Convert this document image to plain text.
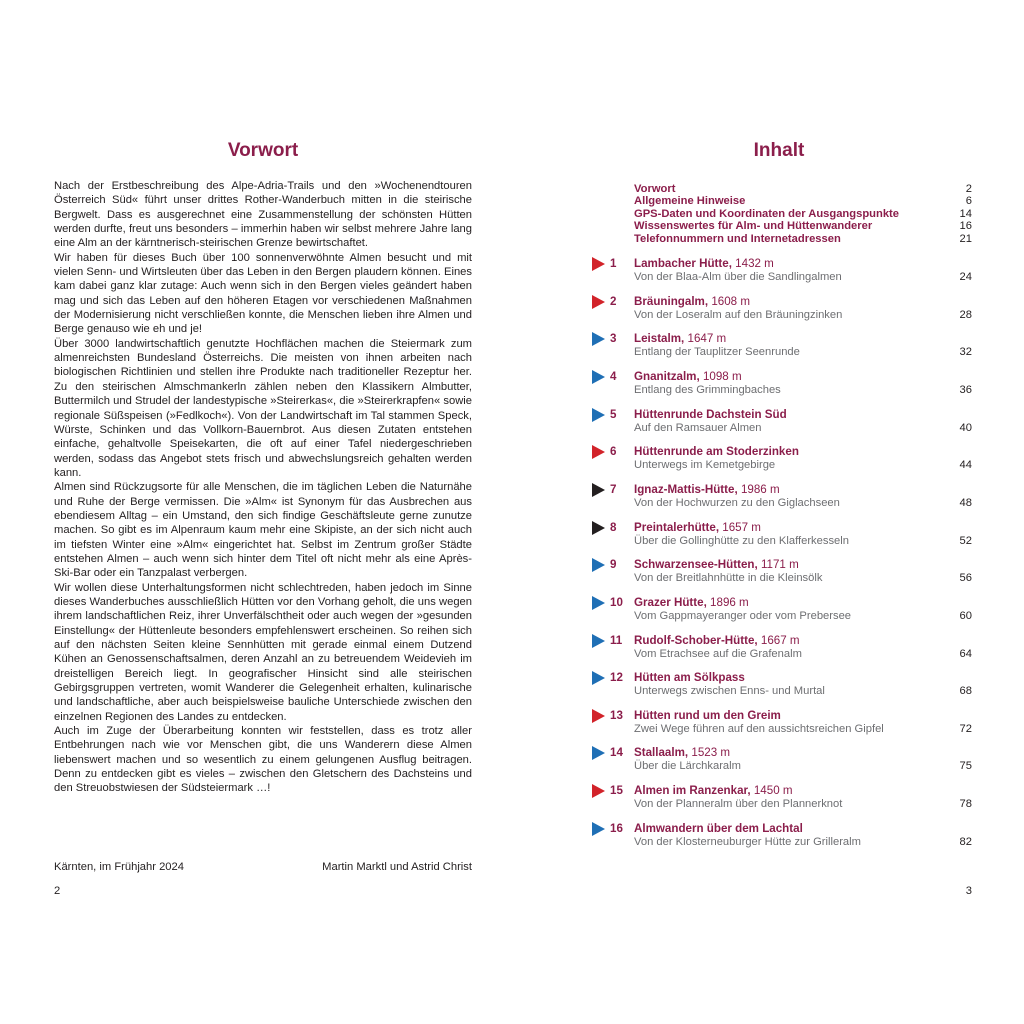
Vorwort

Nach der Erstbeschreibung des Alpe-Adria-Trails und den »Wochenendtouren Österreich Süd« führt unser drittes Rother-Wanderbuch mitten in die steirische Bergwelt. Dass es ausgerechnet eine Zusammenstellung der schönsten Hütten werden durfte, freut uns besonders – immerhin haben wir selbst mehrere Jahre lang eine Alm an der kärntnerisch-steirischen Grenze bewirtschaftet.

Wir haben für dieses Buch über 100 sonnenverwöhnte Almen besucht und mit vielen Senn- und Wirtsleuten über das Leben in den Bergen plaudern können. Eines kam dabei ganz klar zutage: Auch wenn sich in den Bergen vieles geändert haben mag und sich das Leben auf den höheren Etagen vor verschiedenen Maßnahmen der Modernisierung nicht verschließen konnte, die Menschen lieben ihre Almen und Berge genauso wie eh und je!

Über 3000 landwirtschaftlich genutzte Hochflächen machen die Steiermark zum almenreichsten Bundesland Österreichs. Die meisten von ihnen arbeiten nach biologischen Richtlinien und stellen ihre Produkte nach traditioneller Rezeptur her. Zu den steirischen Almschmankerln zählen neben den Klassikern Almbutter, Buttermilch und Strudel der landestypische »Steirerkas«, die »Steirerkrapfen« sowie regionale Süßspeisen (»Fedlkoch«). Von der Landwirtschaft im Tal stammen Speck, Würste, Schinken und das Vollkorn-Bauernbrot. Aus diesen Zutaten entstehen einfache, gehaltvolle Speisekarten, die oft auf einer Tafel niedergeschrieben werden, sodass das Angebot stets frisch und abwechslungsreich gehalten werden kann.

Almen sind Rückzugsorte für alle Menschen, die im täglichen Leben die Naturnähe und Ruhe der Berge vermissen. Die »Alm« ist Synonym für das Ausbrechen aus ebendiesem Alltag – ein Umstand, den sich findige Geschäftsleute gerne zunutze machen. So gibt es im Alpenraum kaum mehr eine Skipiste, an der sich nicht auch im tiefsten Winter eine »Alm« eingerichtet hat. Selbst im Zentrum großer Städte entstehen Almen – auch wenn sich hinter dem Titel oft nicht mehr als eine Après-Ski-Bar oder ein Tanzpalast verbergen.

Wir wollen diese Unterhaltungsformen nicht schlechtreden, haben jedoch im Sinne dieses Wanderbuches ausschließlich Hütten vor den Vorhang geholt, die uns wegen ihrem landschaftlichen Reiz, ihrer Unverfälschtheit oder auch wegen der »gesunden Einstellung« der Hüttenleute besonders empfehlenswert erscheinen. So reihen sich auf den nächsten Seiten kleine Sennhütten mit gerade einmal einem Dutzend Kühen an Genossenschaftsalmen, deren Anzahl an zu betreuendem Weidevieh im dreistelligen Bereich liegt. In geografischer Hinsicht sind alle steirischen Gebirgsgruppen vertreten, womit Wanderer die Gelegenheit erhalten, kulinarische und landschaftliche, aber auch beispielsweise bauliche Unterschiede zwischen den einzelnen Regionen des Landes zu entdecken.

Auch im Zuge der Überarbeitung konnten wir feststellen, dass es trotz aller Entbehrungen nach wie vor Menschen gibt, die uns Wanderern diese Almen liebenswert machen und so wesentlich zu einem gelungenen Ausflug beitragen. Denn zu entdecken gibt es vieles – zwischen den Gletschern des Dachsteins und den Streuobstwiesen der Südsteiermark …!

Kärnten, im Frühjahr 2024	Martin Marktl und Astrid Christ
2
Inhalt
Vorwort	2
Allgemeine Hinweise	6
GPS-Daten und Koordinaten der Ausgangspunkte	14
Wissenswertes für Alm- und Hüttenwanderer	16
Telefonnummern und Internetadressen	21
1 Lambacher Hütte, 1432 m
Von der Blaa-Alm über die Sandlingalmen	24
2 Bräuningalm, 1608 m
Von der Loseralm auf den Bräuningzinken	28
3 Leistalm, 1647 m
Entlang der Tauplitzer Seenrunde	32
4 Gnanitzalm, 1098 m
Entlang des Grimmingbaches	36
5 Hüttenrunde Dachstein Süd
Auf den Ramsauer Almen	40
6 Hüttenrunde am Stoderzinken
Unterwegs im Kemetgebirge	44
7 Ignaz-Mattis-Hütte, 1986 m
Von der Hochwurzen zu den Giglachseen	48
8 Preintalerhütte, 1657 m
Über die Gollinghütte zu den Klafferkesseln	52
9 Schwarzensee-Hütten, 1171 m
Von der Breitlahnhütte in die Kleinsölk	56
10 Grazer Hütte, 1896 m
Vom Gappmayeranger oder vom Prebersee	60
11 Rudolf-Schober-Hütte, 1667 m
Vom Etrachsee auf die Grafenalm	64
12 Hütten am Sölkpass
Unterwegs zwischen Enns- und Murtal	68
13 Hütten rund um den Greim
Zwei Wege führen auf den aussichtsreichen Gipfel	72
14 Stallaalm, 1523 m
Über die Lärchkaralm	75
15 Almen im Ranzenkar, 1450 m
Von der Planneralm über den Plannerknot	78
16 Almwandern über dem Lachtal
Von der Klosterneuburger Hütte zur Grilleralm	82
3
